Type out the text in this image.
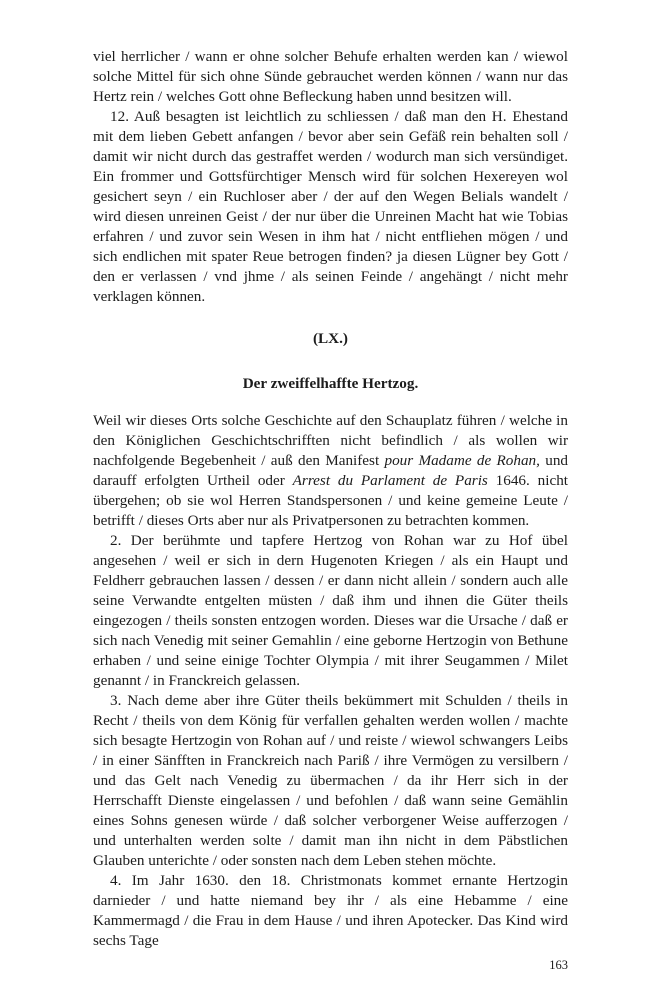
viel herrlicher / wann er ohne solcher Behufe erhalten werden kan / wiewol solche Mittel für sich ohne Sünde gebrauchet werden können / wann nur das Hertz rein / welches Gott ohne Befleckung haben unnd besitzen will.

12. Auß besagten ist leichtlich zu schliessen / daß man den H. Ehestand mit dem lieben Gebett anfangen / bevor aber sein Gefäß rein behalten soll / damit wir nicht durch das gestraffet werden / wodurch man sich versündiget. Ein frommer und Gottsfürchtiger Mensch wird für solchen Hexereyen wol gesichert seyn / ein Ruchloser aber / der auf den Wegen Belials wandelt / wird diesen unreinen Geist / der nur über die Unreinen Macht hat wie Tobias erfahren / und zuvor sein Wesen in ihm hat / nicht entfliehen mögen / und sich endlichen mit spater Reue betrogen finden? ja diesen Lügner bey Gott / den er verlassen / vnd jhme / als seinen Feinde / angehängt / nicht mehr verklagen können.

(LX.)
Der zweiffelhaffte Hertzog.

Weil wir dieses Orts solche Geschichte auf den Schauplatz führen / welche in den Königlichen Geschichtschrifften nicht befindlich / als wollen wir nachfolgende Begebenheit / auß den Manifest pour Madame de Rohan, und darauff erfolgten Urtheil oder Arrest du Parlament de Paris 1646. nicht übergehen; ob sie wol Herren Standspersonen / und keine gemeine Leute / betrifft / dieses Orts aber nur als Privatpersonen zu betrachten kommen.

2. Der berühmte und tapfere Hertzog von Rohan war zu Hof übel angesehen / weil er sich in dern Hugenoten Kriegen / als ein Haupt und Feldherr gebrauchen lassen / dessen / er dann nicht allein / sondern auch alle seine Verwandte entgelten müsten / daß ihm und ihnen die Güter theils eingezogen / theils sonsten entzogen worden. Dieses war die Ursache / daß er sich nach Venedig mit seiner Gemahlin / eine geborne Hertzogin von Bethune erhaben / und seine einige Tochter Olympia / mit ihrer Seugammen / Milet genannt / in Franckreich gelassen.

3. Nach deme aber ihre Güter theils bekümmert mit Schulden / theils in Recht / theils von dem König für verfallen gehalten werden wollen / machte sich besagte Hertzogin von Rohan auf / und reiste / wiewol schwangers Leibs / in einer Sänfften in Franckreich nach Pariß / ihre Vermögen zu versilbern / und das Gelt nach Venedig zu übermachen / da ihr Herr sich in der Herrschafft Dienste eingelassen / und befohlen / daß wann seine Gemählin eines Sohns genesen würde / daß solcher verborgener Weise aufferzogen / und unterhalten werden solte / damit man ihn nicht in dem Päbstlichen Glauben unterichte / oder sonsten nach dem Leben stehen möchte.

4. Im Jahr 1630. den 18. Christmonats kommet ernante Hertzogin darnieder / und hatte niemand bey ihr / als eine Hebamme / eine Kammermagd / die Frau in dem Hause / und ihren Apotecker. Das Kind wird sechs Tage

163
